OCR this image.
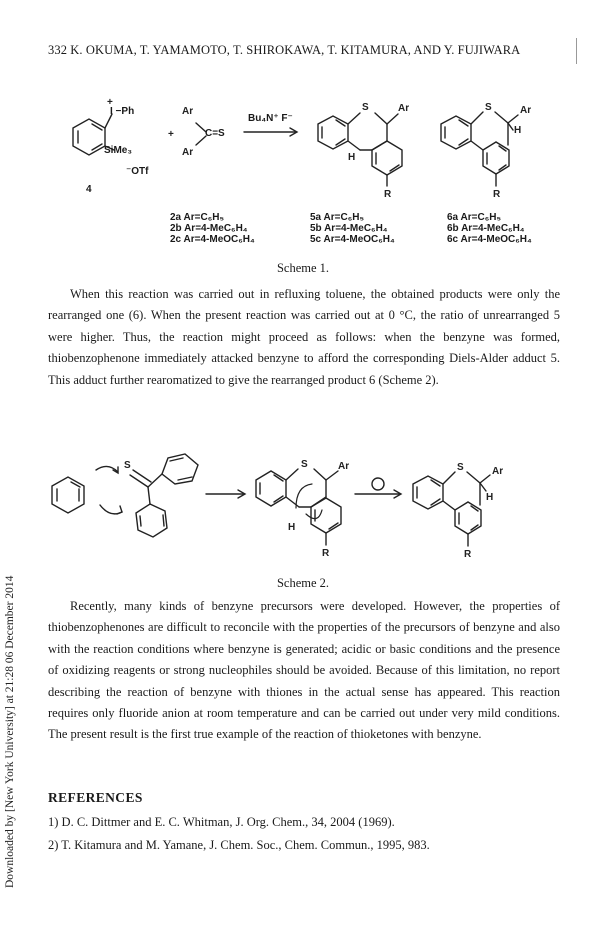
332 K. OKUMA, T. YAMAMOTO, T. SHIROKAWA, T. KITAMURA, AND Y. FUJIWARA
Downloaded by [New York University] at 21:28 06 December 2014
+
Ar
Ar
+
S	Ar
H
R
S	Ar
H
R
I −Ph
SiMe₃
⁻OTf
4
C=S
Bu₄N⁺ F⁻
2a Ar=C₆H₅
2b Ar=4-MeC₆H₄
2c Ar=4-MeOC₆H₄
5a Ar=C₆H₅
5b Ar=4-MeC₆H₄
5c Ar=4-MeOC₆H₄
6a Ar=C₆H₅
6b Ar=4-MeC₆H₄
6c Ar=4-MeOC₆H₄
Scheme 1.

When this reaction was carried out in refluxing toluene, the obtained products were only the rearranged one (6). When the present reaction was carried out at 0 °C, the ratio of unrearranged 5 were higher. Thus, the reaction might proceed as follows: when the benzyne was formed, thiobenzophenone immediately attacked benzyne to afford the corresponding Diels-Alder adduct 5. This adduct further rearomatized to give the rearranged product 6 (Scheme 2).

S	S	Ar
H
R
S	Ar
H
R
Scheme 2.

Recently, many kinds of benzyne precursors were developed. However, the properties of thiobenzophenones are difficult to reconcile with the properties of the precursors of benzyne and also with the reaction conditions where benzyne is generated; acidic or basic conditions and the presence of oxidizing reagents or strong nucleophiles should be avoided. Because of this limitation, no report describing the reaction of benzyne with thiones in the actual sense has appeared. This reaction requires only fluoride anion at room temperature and can be carried out under very mild conditions. The present result is the first true example of the reaction of thioketones with benzyne.

REFERENCES
1) D. C. Dittmer and E. C. Whitman, J. Org. Chem., 34, 2004 (1969).
2) T. Kitamura and M. Yamane, J. Chem. Soc., Chem. Commun., 1995, 983.
